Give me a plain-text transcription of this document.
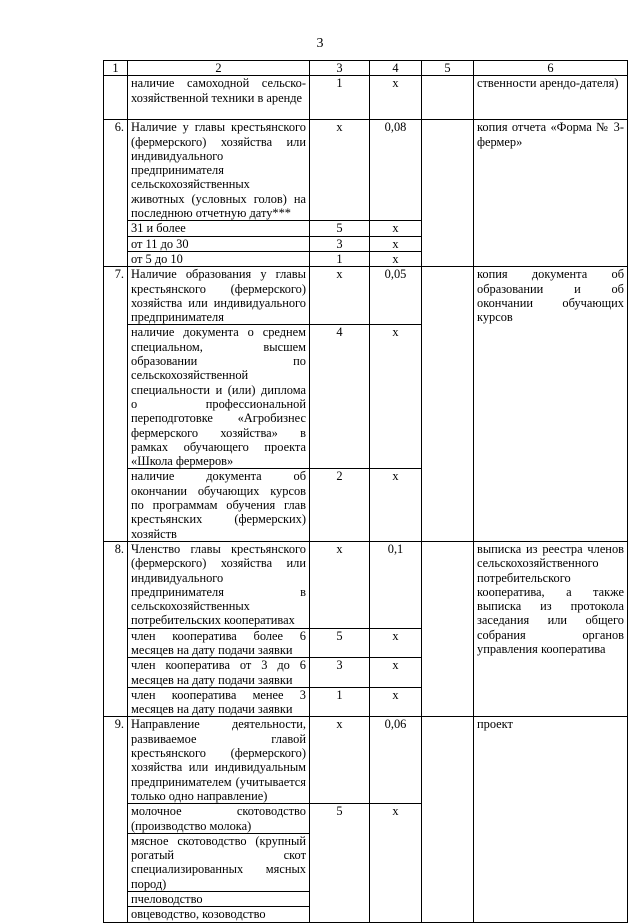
3
1	2	3	4	5	6
	наличие самоходной сельско-хозяйственной техники в аренде	1	x		ственности арендо-дателя)
6.	Наличие у главы крестьянского (фермерского) хозяйства или индивидуального предпринимателя сельскохозяйственных животных (условных голов) на последнюю отчетную дату***	x	0,08		копия отчета «Форма № 3-фермер»
	31 и более	5	x		
	от 11 до 30	3	x		
	от 5 до 10	1	x		
7.	Наличие образования у главы крестьянского (фермерского) хозяйства или индивидуального предпринимателя	x	0,05		копия документа об образовании и об окончании обучающих курсов
	наличие документа о среднем специальном, высшем образовании по сельскохозяйственной специальности и (или) диплома о профессиональной переподготовке «Агробизнес фермерского хозяйства» в рамках обучающего проекта «Школа фермеров»	4	x		
	наличие документа об окончании обучающих курсов по программам обучения глав крестьянских (фермерских) хозяйств	2	x		
8.	Членство главы крестьянского (фермерского) хозяйства или индивидуального предпринимателя в сельскохозяйственных потребительских кооперативах	x	0,1		выписка из реестра членов сельскохозяйственного потребительского кооператива, а также выписка из протокола заседания или общего собрания органов управления кооператива
	член кооператива более 6 месяцев на дату подачи заявки	5	x		
	член кооператива от 3 до 6 месяцев на дату подачи заявки	3	x		
	член кооператива менее 3 месяцев на дату подачи заявки	1	x		
9.	Направление деятельности, развиваемое главой крестьянского (фермерского) хозяйства или индивидуальным предпринимателем (учитывается только одно направление)	x	0,06		проект
	молочное скотоводство (производство молока)	5	x		
	мясное скотоводство (крупный рогатый скот специализированных мясных пород)				
	пчеловодство				
	овцеводство, козоводство				
